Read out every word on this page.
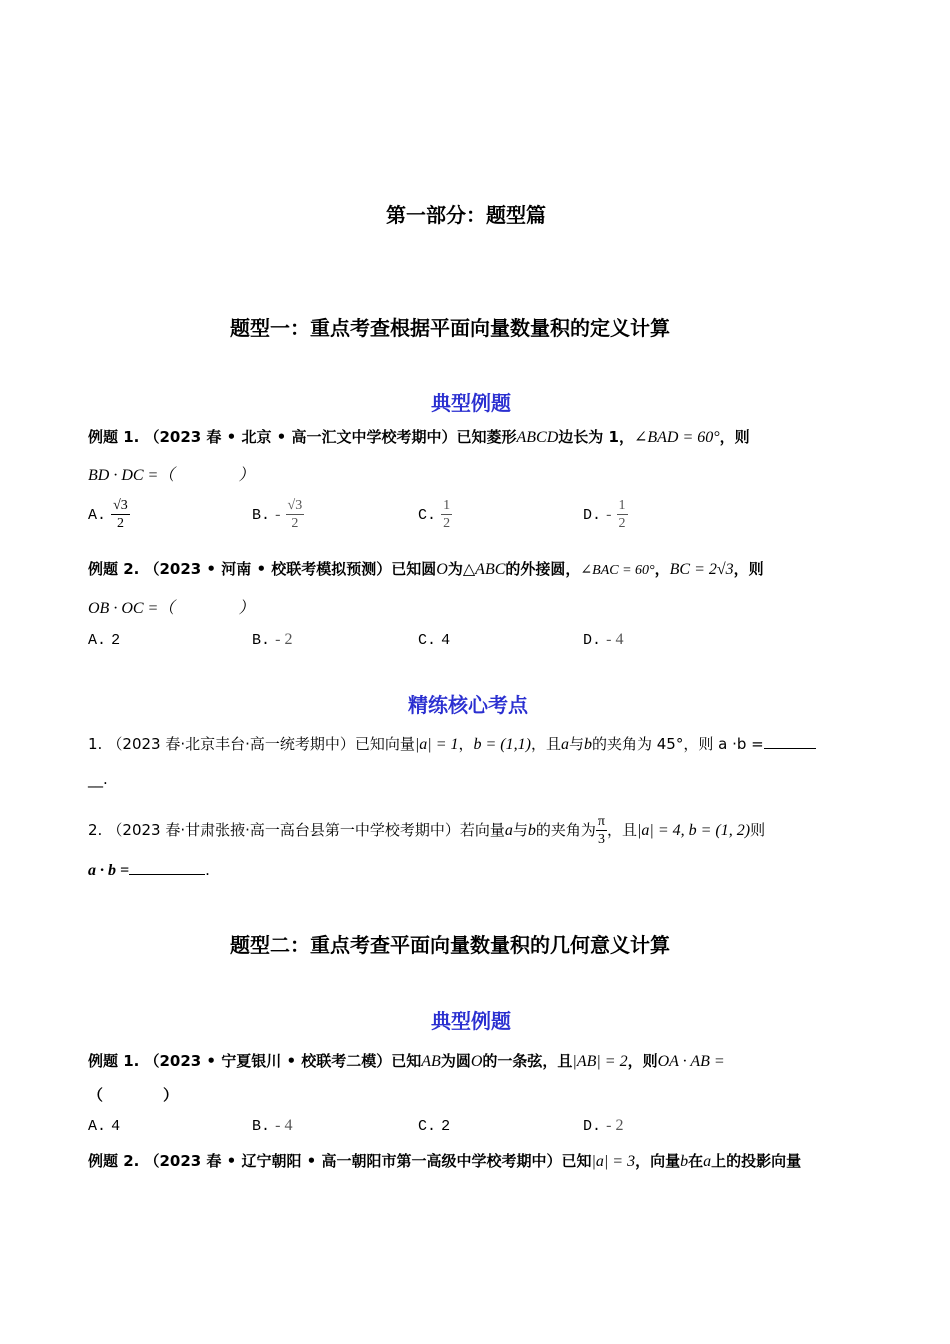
第一部分：题型篇
题型一：重点考查根据平面向量数量积的定义计算
典型例题
例题 1. （2023 春 • 北京 • 高一汇文中学校考期中）已知菱形ABCD边长为 1，∠BAD = 60°，则
BD · DC =（　　　　）
A. $\frac{√3}{2}$	B. - $\frac{√3}{2}$	C. $\frac{1}{2}$	D. - $\frac{1}{2}$
例题 2. （2023 • 河南 • 校联考模拟预测）已知圆O为△ABC的外接圆，∠BAC = 60°，BC = 2√3，则
OB · OC =（　　　　）
A. 2	B. - 2	C. 4	D. - 4
精练核心考点
1. （2023 春·北京丰台·高一统考期中）已知向量|a| = 1，b = (1,1)，且a与b的夹角为 45°，则 a ·b =
__.
2. （2023 春·甘肃张掖·高一高台县第一中学校考期中）若向量a与b的夹角为 $\frac{\pi}{3}$ ，且|a| = 4, b = (1, 2)则
a · b =	.
题型二：重点考查平面向量数量积的几何意义计算
典型例题
例题 1. （2023 • 宁夏银川 • 校联考二模）已知AB为圆O的一条弦，且|AB| = 2，则OA · AB =
（　　　　）
A. 4	B. - 4	C. 2	D. - 2
例题 2. （2023 春 • 辽宁朝阳 • 高一朝阳市第一高级中学校考期中）已知|a| = 3，向量b在a上的投影向量
